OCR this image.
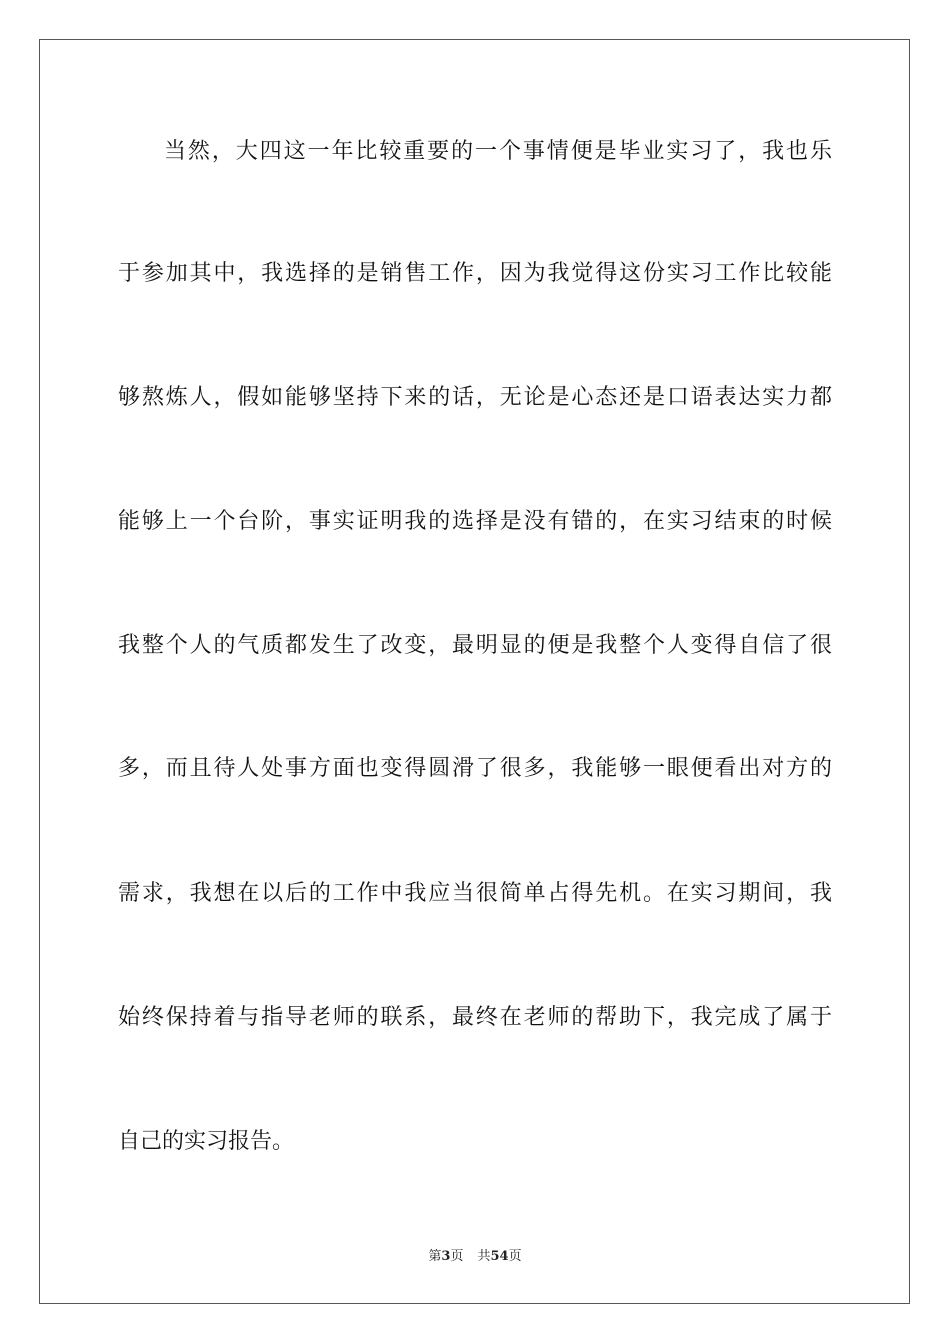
当然，大四这一年比较重要的一个事情便是毕业实习了，我也乐
于参加其中，我选择的是销售工作，因为我觉得这份实习工作比较能
够熬炼人，假如能够坚持下来的话，无论是心态还是口语表达实力都
能够上一个台阶，事实证明我的选择是没有错的，在实习结束的时候
我整个人的气质都发生了改变，最明显的便是我整个人变得自信了很
多，而且待人处事方面也变得圆滑了很多，我能够一眼便看出对方的
需求，我想在以后的工作中我应当很简单占得先机。在实习期间，我
始终保持着与指导老师的联系，最终在老师的帮助下，我完成了属于
自己的实习报告。
第3页 共54页
